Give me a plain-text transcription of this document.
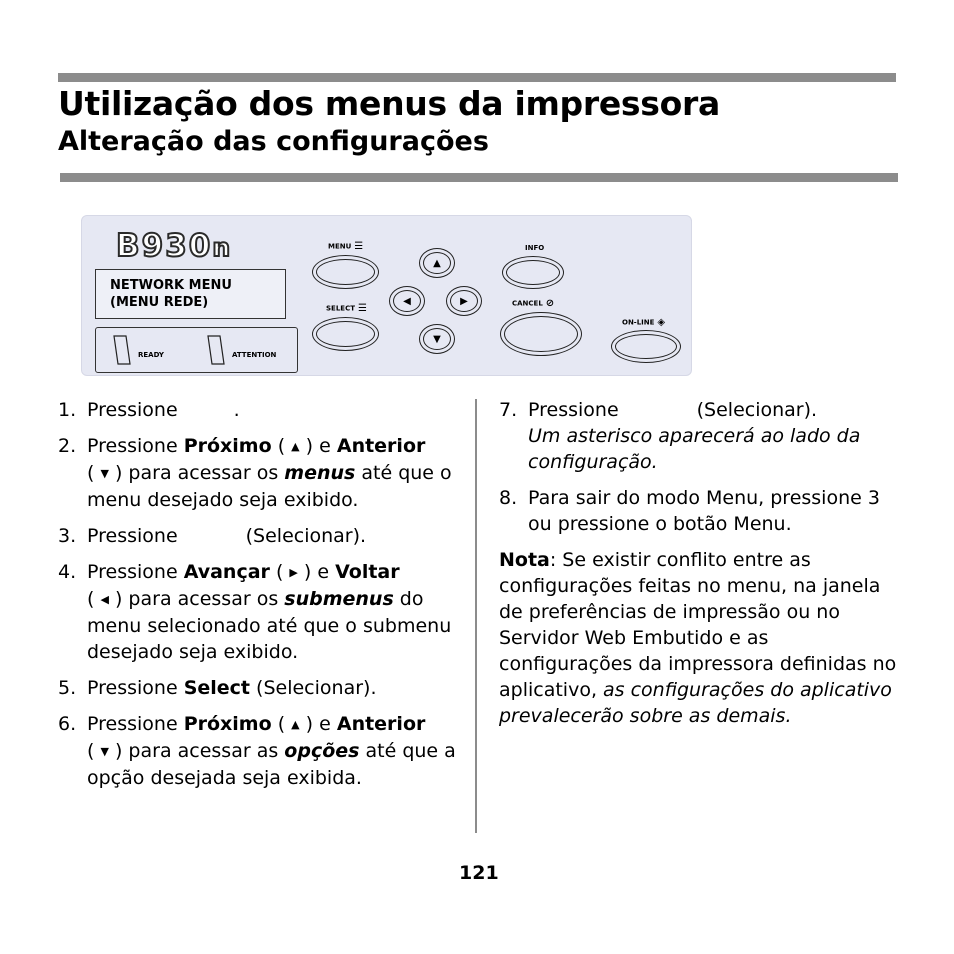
Utilização dos menus da impressora
Alteração das configurações
B930n
NETWORK MENU
(MENU REDE)
READY	ATTENTION
MENU ☰
SELECT ☰
▲
◀	▶
▼
INFO
CANCEL ⊘
ON-LINE ◈
1. Pressione	.
2. Pressione Próximo ( ▲ ) e Anterior
( ▼ ) para acessar os menus até que o menu desejado seja exibido.
3. Pressione	(Selecionar).
4. Pressione Avançar ( ▶ ) e Voltar
( ◀ ) para acessar os submenus do menu selecionado até que o submenu desejado seja exibido.
5. Pressione Select (Selecionar).
6. Pressione Próximo ( ▲ ) e Anterior
( ▼ ) para acessar as opções até que a opção desejada seja exibida.
7. Pressione	(Selecionar).
Um asterisco aparecerá ao lado da configuração.
8. Para sair do modo Menu, pressione 3 ou pressione o botão Menu.
Nota: Se existir conflito entre as configurações feitas no menu, na janela de preferências de impressão ou no Servidor Web Embutido e as configurações da impressora definidas no aplicativo, as configurações do aplicativo prevalecerão sobre as demais.
121
